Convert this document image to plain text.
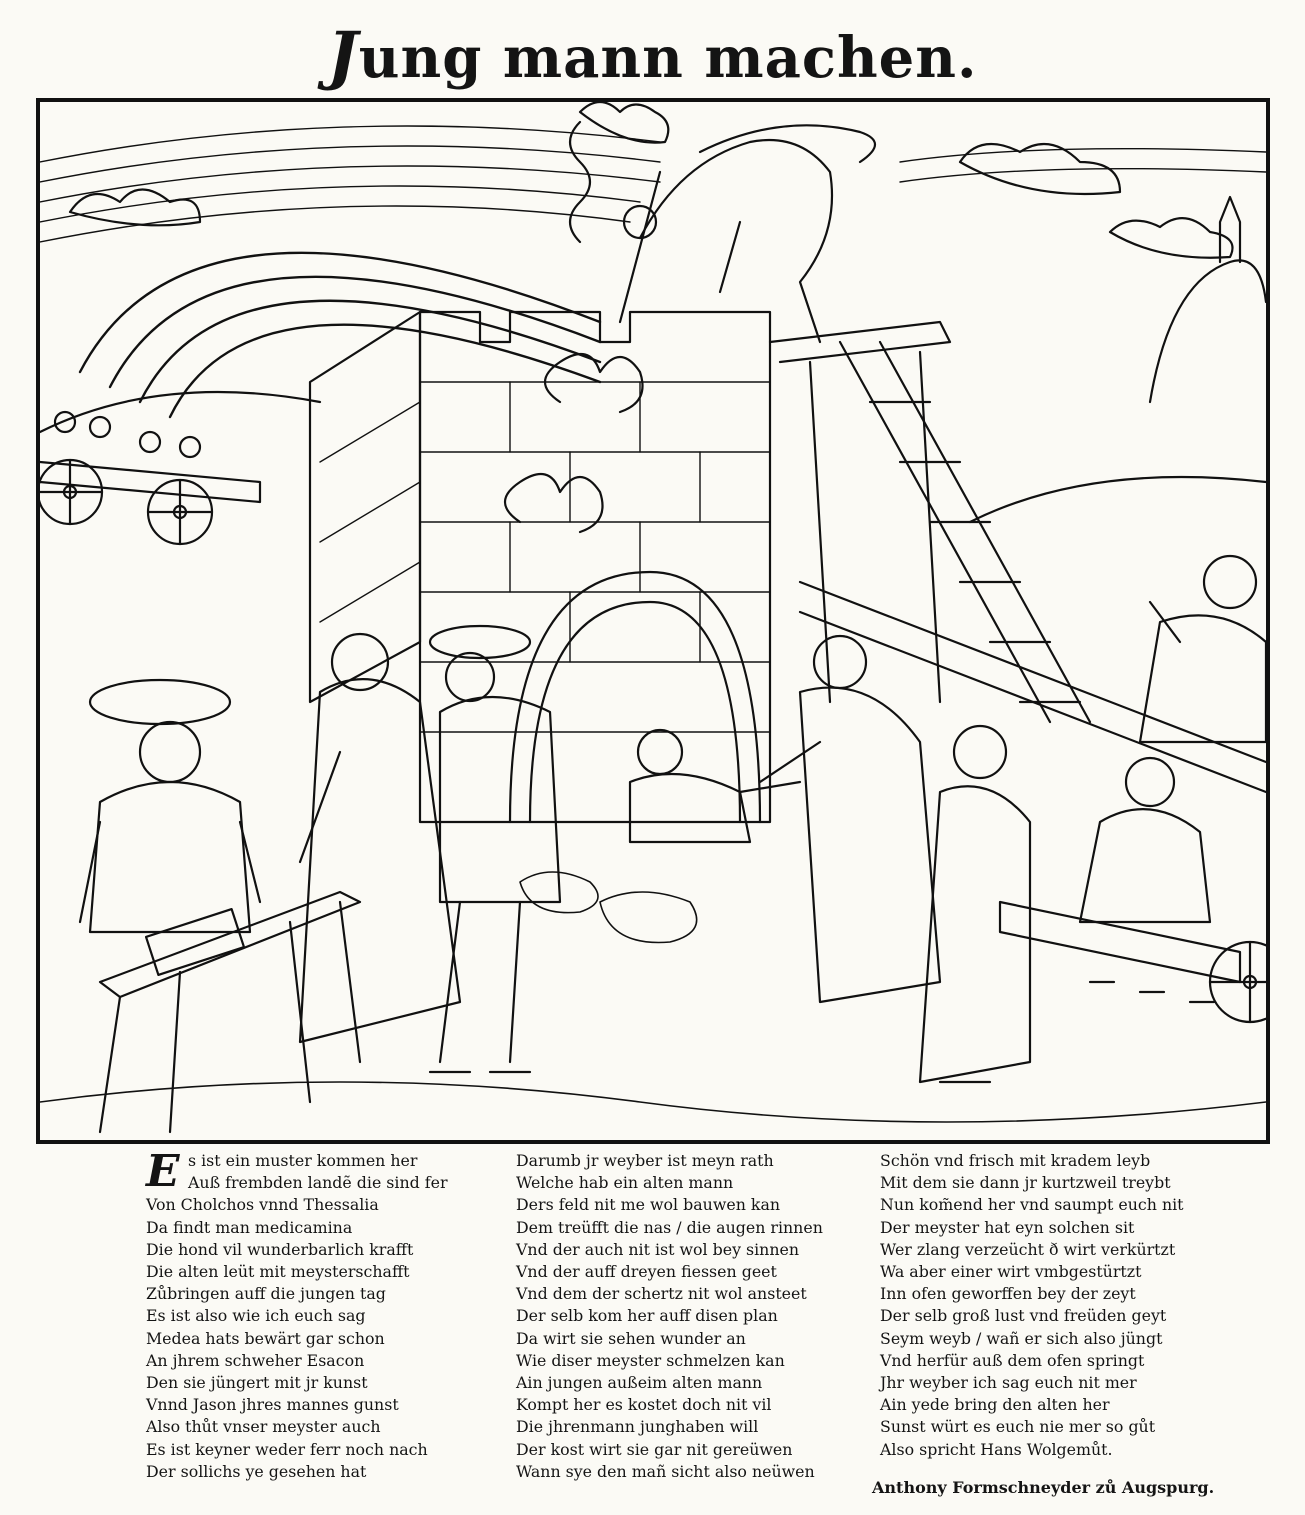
Jung mann machen.
E s ist ein muster kommen her
Auß frembden landẽ die sind fer
Von Cholchos vnnd Thessalia
Da findt man medicamina
Die hond vil wunderbarlich krafft
Die alten leüt mit meysterschafft
Zůbringen auff die jungen tag
Es ist also wie ich euch sag
Medea hats bewärt gar schon
An jhrem schweher Esacon
Den sie jüngert mit jr kunst
Vnnd Jason jhres mannes gunst
Also thůt vnser meyster auch
Es ist keyner weder ferr noch nach
Der sollichs ye gesehen hat
Darumb jr weyber ist meyn rath
Welche hab ein alten mann
Ders feld nit me wol bauwen kan
Dem treüfft die nas / die augen rinnen
Vnd der auch nit ist wol bey sinnen
Vnd der auff dreyen fiessen geet
Vnd dem der schertz nit wol ansteet
Der selb kom her auff disen plan
Da wirt sie sehen wunder an
Wie diser meyster schmelzen kan
Ain jungen außeim alten mann
Kompt her es kostet doch nit vil
Die jhrenmann junghaben will
Der kost wirt sie gar nit gereüwen
Wann sye den mañ sicht also neüwen
Schön vnd frisch mit kradem leyb
Mit dem sie dann jr kurtzweil treybt
Nun kom̃end her vnd saumpt euch nit
Der meyster hat eyn solchen sit
Wer zlang verzeücht ð wirt verkürtzt
Wa aber einer wirt vmbgestürtzt
Inn ofen geworffen bey der zeyt
Der selb groß lust vnd freüden geyt
Seym weyb / wañ er sich also jüngt
Vnd herfür auß dem ofen springt
Jhr weyber ich sag euch nit mer
Ain yede bring den alten her
Sunst würt es euch nie mer so gůt
Also spricht Hans Wolgemůt.
Anthony Formschneyder zů Augspurg.
